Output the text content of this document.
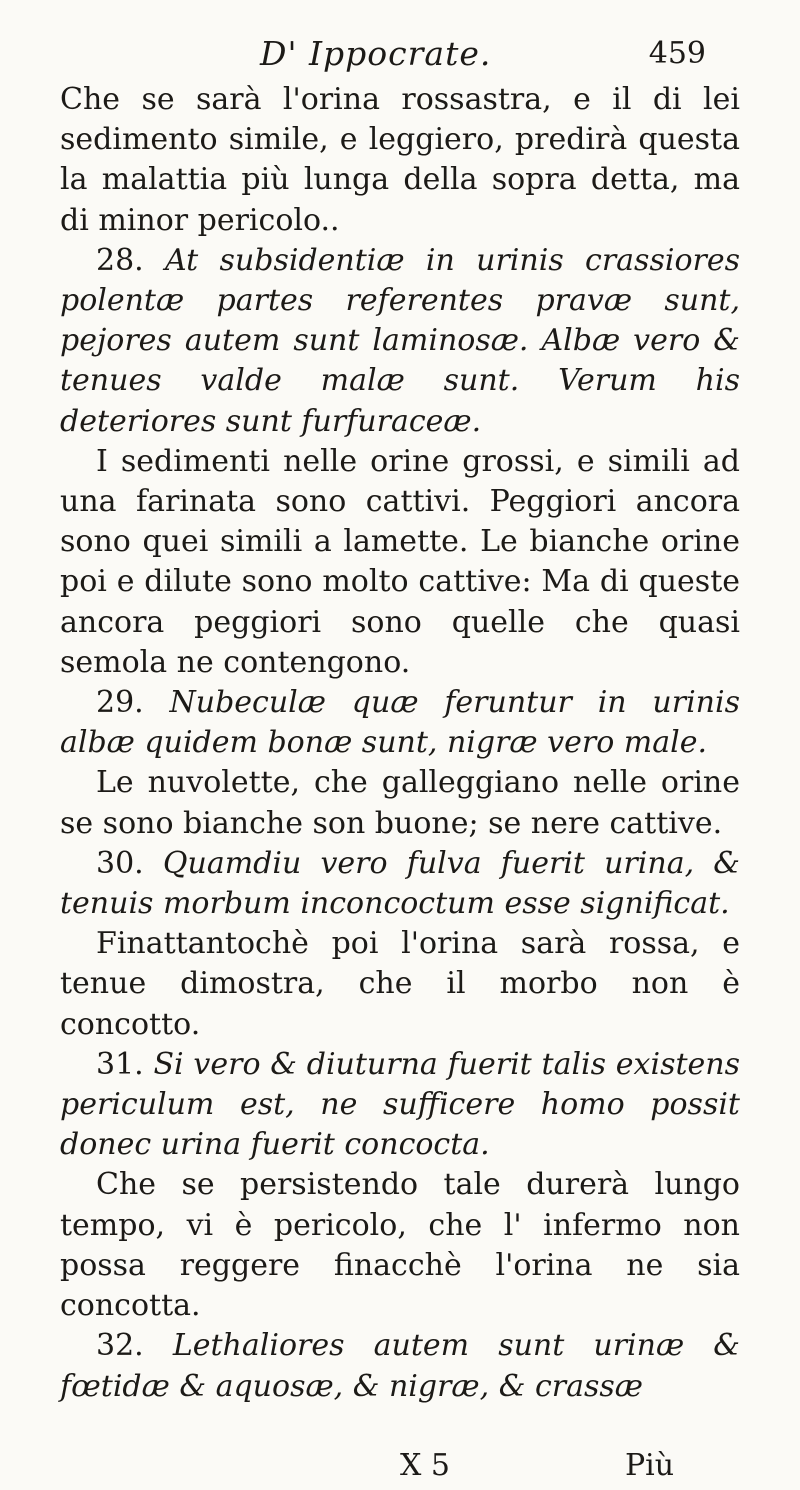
D' Ippocrate.	459

Che se sarà l'orina rossastra, e il di lei sedimento simile, e leggiero, predirà questa la malattia più lunga della sopra detta, ma di minor pericolo..

28. At subsidentiæ in urinis crassiores polentæ partes referentes pravæ sunt, pejores autem sunt laminosæ. Albæ vero & tenues valde malæ sunt. Verum his deteriores sunt furfuraceæ.

I sedimenti nelle orine grossi, e simili ad una farinata sono cattivi. Peggiori ancora sono quei simili a lamette. Le bianche orine poi e dilute sono molto cattive: Ma di queste ancora peggiori sono quelle che quasi semola ne contengono.

29. Nubeculæ quæ feruntur in urinis albæ quidem bonæ sunt, nigræ vero male.

Le nuvolette, che galleggiano nelle orine se sono bianche son buone; se nere cattive.

30. Quamdiu vero fulva fuerit urina, & tenuis morbum inconcoctum esse significat.

Finattantochè poi l'orina sarà rossa, e tenue dimostra, che il morbo non è concotto.

31. Si vero & diuturna fuerit talis existens periculum est, ne sufficere homo possit donec urina fuerit concocta.

Che se persistendo tale durerà lungo tempo, vi è pericolo, che l' infermo non possa reggere finacchè l'orina ne sia concotta.

32. Lethaliores autem sunt urinæ & fœtidæ & aquosæ, & nigræ, & crassæ

X 5	Più
